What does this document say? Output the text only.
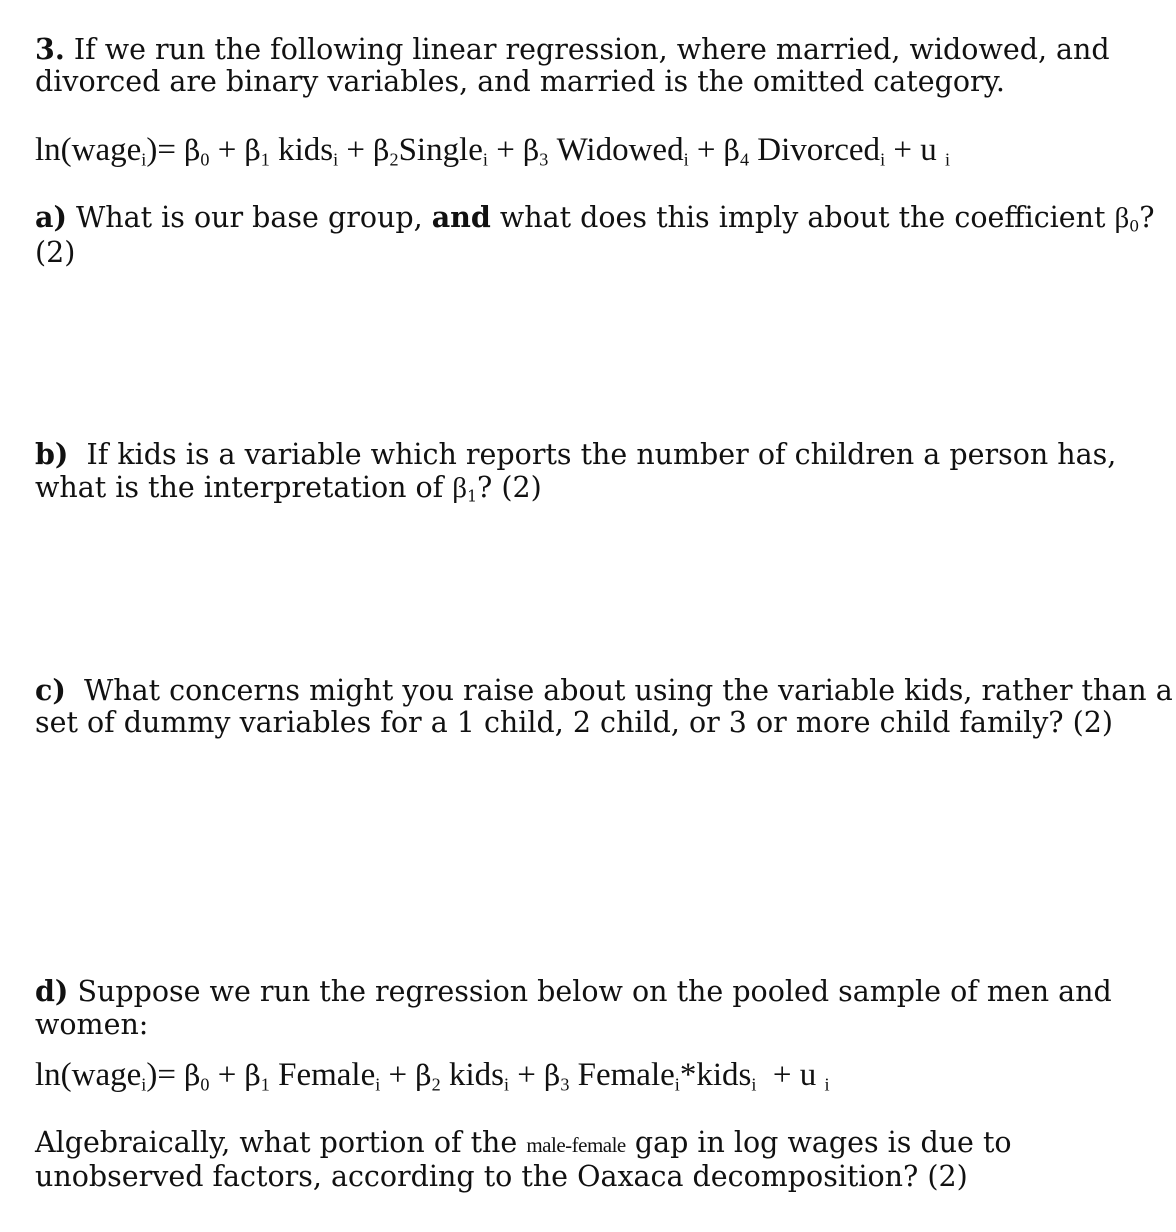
3. If we run the following linear regression, where married, widowed, and
divorced are binary variables, and married is the omitted category.
ln(wage$_i$)= $\beta_0 + \beta_1$ kids$_i$ + $\beta_2Single_i + \beta_3$ Widowed$_i$ + $\beta_4$ Divorced$_i$ + u $_i$
a) What is our base group, and what does this imply about the coefficient $\beta_0$?
(2)
b) If kids is a variable which reports the number of children a person has,
what is the interpretation of $\beta_1$? (2)
c) What concerns might you raise about using the variable kids, rather than a
set of dummy variables for a 1 child, 2 child, or 3 or more child family? (2)
d) Suppose we run the regression below on the pooled sample of men and
women:
ln(wage$_i$)= $\beta_0 + \beta_1$ Female$_i$ + $\beta_2$ kids$_i$ + $\beta_3$ Female$_i$*kids$_i$ + u $_i$
Algebraically, what portion of the male-female gap in log wages is due to
unobserved factors, according to the Oaxaca decomposition? (2)
